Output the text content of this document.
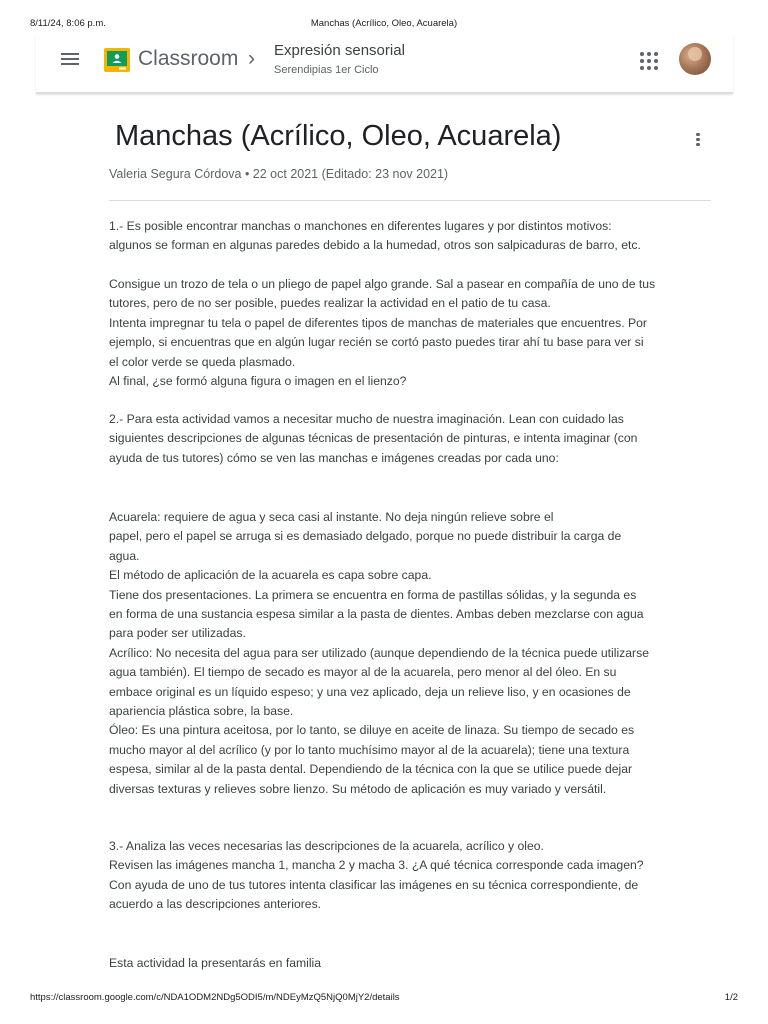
8/11/24, 8:06 p.m.	Manchas (Acrílico, Oleo, Acuarela)
Classroom › Expresión sensorial
Serendipias 1er Ciclo
Manchas (Acrílico, Oleo, Acuarela)
Valeria Segura Córdova • 22 oct 2021 (Editado: 23 nov 2021)

1.- Es posible encontrar manchas o manchones en diferentes lugares y por distintos motivos:

algunos se forman en algunas paredes debido a la humedad, otros son salpicaduras de barro, etc.

Consigue un trozo de tela o un pliego de papel algo grande. Sal a pasear en compañía de uno de tus

tutores, pero de no ser posible, puedes realizar la actividad en el patio de tu casa.

Intenta impregnar tu tela o papel de diferentes tipos de manchas de materiales que encuentres. Por

ejemplo, si encuentras que en algún lugar recién se cortó pasto puedes tirar ahí tu base para ver si

el color verde se queda plasmado.

Al final, ¿se formó alguna figura o imagen en el lienzo?

2.- Para esta actividad vamos a necesitar mucho de nuestra imaginación. Lean con cuidado las

siguientes descripciones de algunas técnicas de presentación de pinturas, e intenta imaginar (con

ayuda de tus tutores) cómo se ven las manchas e imágenes creadas por cada uno:

Acuarela: requiere de agua y seca casi al instante. No deja ningún relieve sobre el

papel, pero el papel se arruga si es demasiado delgado, porque no puede distribuir la carga de

agua.

El método de aplicación de la acuarela es capa sobre capa.

Tiene dos presentaciones. La primera se encuentra en forma de pastillas sólidas, y la segunda es

en forma de una sustancia espesa similar a la pasta de dientes. Ambas deben mezclarse con agua

para poder ser utilizadas.

Acrílico: No necesita del agua para ser utilizado (aunque dependiendo de la técnica puede utilizarse

agua también). El tiempo de secado es mayor al de la acuarela, pero menor al del óleo. En su

embace original es un líquido espeso; y una vez aplicado, deja un relieve liso, y en ocasiones de

apariencia plástica sobre, la base.

Óleo: Es una pintura aceitosa, por lo tanto, se diluye en aceite de linaza. Su tiempo de secado es

mucho mayor al del acrílico (y por lo tanto muchísimo mayor al de la acuarela); tiene una textura

espesa, similar al de la pasta dental. Dependiendo de la técnica con la que se utilice puede dejar

diversas texturas y relieves sobre lienzo. Su método de aplicación es muy variado y versátil.

3.- Analiza las veces necesarias las descripciones de la acuarela, acrílico y oleo.

Revisen las imágenes mancha 1, mancha 2 y macha 3. ¿A qué técnica corresponde cada imagen?

Con ayuda de uno de tus tutores intenta clasificar las imágenes en su técnica correspondiente, de

acuerdo a las descripciones anteriores.

Esta actividad la presentarás en familia

https://classroom.google.com/c/NDA1ODM2NDg5ODI5/m/NDEyMzQ5NjQ0MjY2/details	1/2
